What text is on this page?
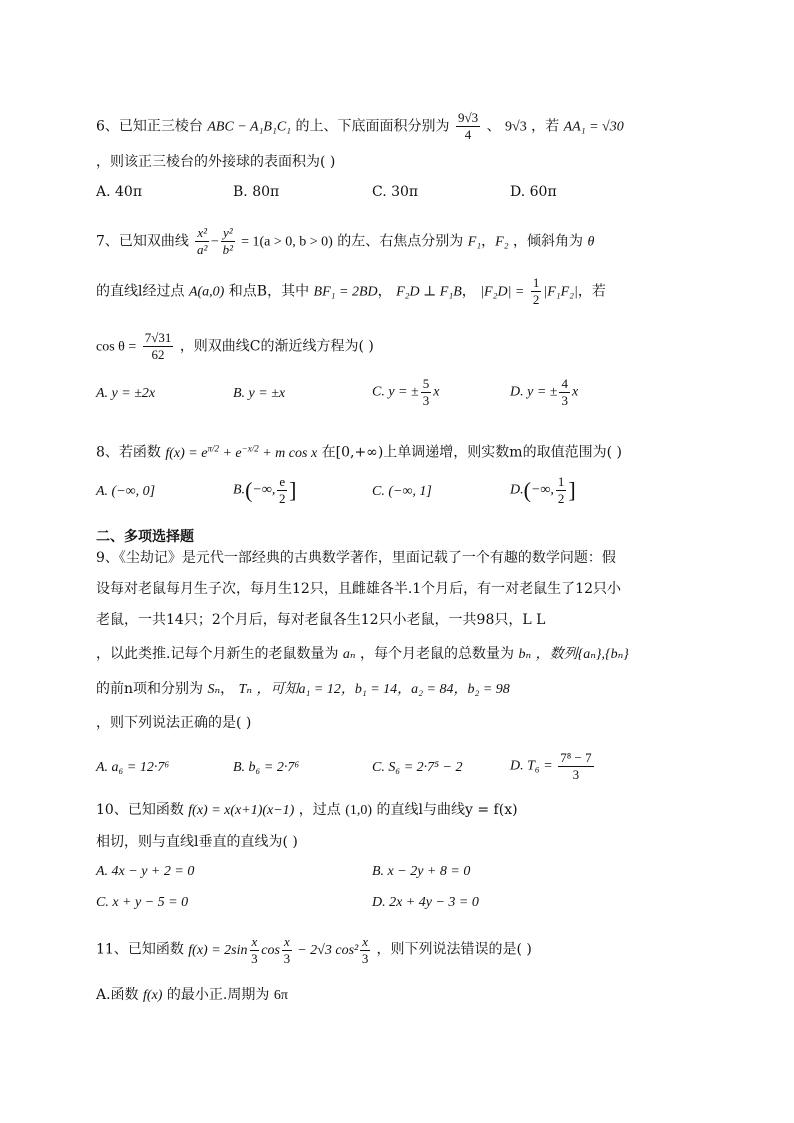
6、已知正三棱台 ABC − A₁B₁C₁ 的上、下底面面积分别为 $\frac{9√3}{4}$ 、 9√3 ，若 AA₁ = √30
，则该正三棱台的外接球的表面积为( )
A. 40π	B. 80π	C. 30π	D. 60π
7、已知双曲线 $\frac{\text{x²}}{\text{a²}} - \frac{\text{y²}}{\text{b²}} = 1(a > 0$, b > 0) 的左、右焦点分别为 F₁，F₂ ，倾斜角为 θ
的直线l经过点 A(a,0) 和点B，其中 BF₁ = 2BD， F₂D ⊥ F₁B， $|F_2D| = \frac{1}{2} |F_1F_2|$，若
$\cos \theta = \frac{7√31}{62}$ ，则双曲线C的渐近线方程为( )
A. y = ±2x	B. y = ±x	C. y = ± $\frac{5}{3}$ x	D. y = ± $\frac{4}{3}$ x
8、若函数 $f(x) = e^{\pi/2} + e^{-x/2} + m$ cos x 在[0,+∞)上单调递增，则实数m的取值范围为( )
A. (−∞, 0]	B.(−∞, $\frac{e}{2}$ ]	C. (−∞, 1]	D.(−∞, $\frac{1}{2}$ ]
二、多项选择题
9、《尘劫记》是元代一部经典的古典数学著作，里面记载了一个有趣的数学问题：假
设每对老鼠每月生子次，每月生12只，且雌雄各半.1个月后，有一对老鼠生了12只小
老鼠，一共14只；2个月后，每对老鼠各生12只小老鼠，一共98只，L L
，以此类推.记每个月新生的老鼠数量为 aₙ ，每个月老鼠的总数量为 bₙ ，数列{aₙ},{bₙ}
的前n项和分别为 Sₙ， Tₙ ，可知a₁ = 12，b₁ = 14，a₂ = 84，b₂ = 98
，则下列说法正确的是( )
A. a₆ = 12·7⁶	B. b₆ = 2·7⁶	C. S₆ = 2·7⁵ − 2	D. $T_6 = \frac{\text{7⁸ − 7}}{3}$
10、已知函数 f(x) = x(x+1)(x−1) ，过点 (1,0) 的直线l与曲线y = f(x)
相切，则与直线l垂直的直线为( )
A. 4x − y + 2 = 0	B. x − 2y + 8 = 0
C. x + y − 5 = 0	D. 2x + 4y − 3 = 0
11、已知函数 $f(x) = 2\sin \frac{x}{3}$ $\cos \frac{x}{3} - 2√3$ $\cos^2 \frac{x}{3}$ ，则下列说法错误的是( )
A.函数 f(x) 的最小正.周期为 6π
